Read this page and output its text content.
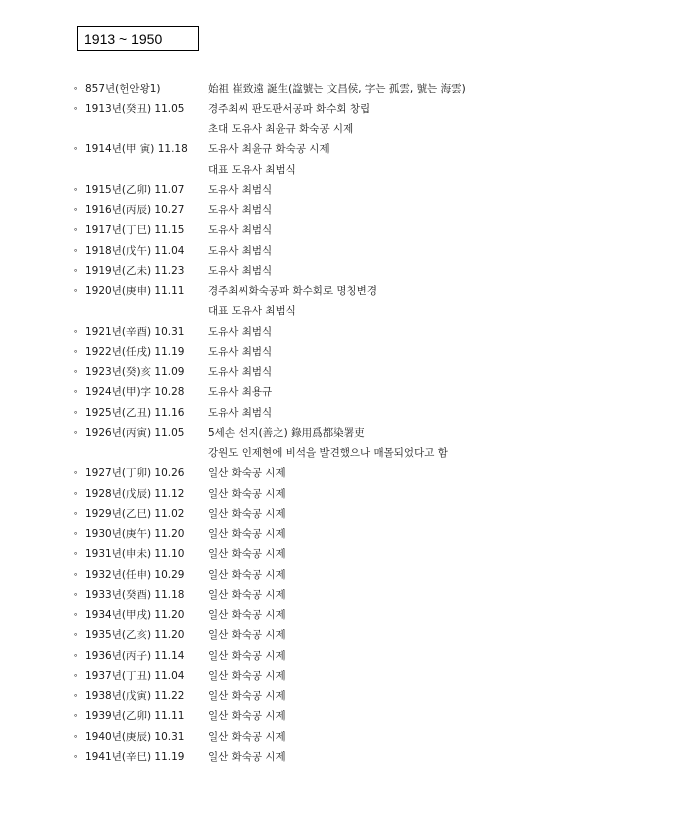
1913 ~ 1950
∘ 857년(헌안왕1)	始祖 崔致遠 誕生(諡號는 文昌侯, 字는 孤雲, 號는 海雲)
∘ 1913년(癸丑) 11.05	경주최씨 판도판서공파 화수회 창립
초대 도유사 최윤규 화숙공 시제
∘ 1914년(甲 寅) 11.18	도유사 최윤규 화숙공 시제
대표 도유사 최범식
∘ 1915년(乙卯) 11.07	도유사 최범식
∘ 1916년(丙辰) 10.27	도유사 최범식
∘ 1917년(丁巳) 11.15	도유사 최범식
∘ 1918년(戊午) 11.04	도유사 최범식
∘ 1919년(乙未) 11.23	도유사 최범식
∘ 1920년(庚申) 11.11	경주최씨화숙공파 화수회로 명칭변경
대표 도유사 최범식
∘ 1921년(辛酉) 10.31	도유사 최범식
∘ 1922년(任戌) 11.19	도유사 최범식
∘ 1923년(癸)亥 11.09	도유사 최범식
∘ 1924년(甲)字 10.28	도유사 최용규
∘ 1925년(乙丑) 11.16	도유사 최범식
∘ 1926년(丙寅) 11.05	5세손 선지(善之) 錄用爲都染署吏
강원도 인제현에 비석을 발견했으나 매몰되었다고 함
∘ 1927년(丁卯) 10.26	일산 화숙공 시제
∘ 1928년(戊辰) 11.12	일산 화숙공 시제
∘ 1929년(乙巳) 11.02	일산 화숙공 시제
∘ 1930년(庚午) 11.20	일산 화숙공 시제
∘ 1931년(申未) 11.10	일산 화숙공 시제
∘ 1932년(任申) 10.29	일산 화숙공 시제
∘ 1933년(癸酉) 11.18	일산 화숙공 시제
∘ 1934년(甲戌) 11.20	일산 화숙공 시제
∘ 1935년(乙亥) 11.20	일산 화숙공 시제
∘ 1936년(丙子) 11.14	일산 화숙공 시제
∘ 1937년(丁丑) 11.04	일산 화숙공 시제
∘ 1938년(戊寅) 11.22	일산 화숙공 시제
∘ 1939년(乙卯) 11.11	일산 화숙공 시제
∘ 1940년(庚辰) 10.31	일산 화숙공 시제
∘ 1941년(辛巳) 11.19	일산 화숙공 시제
